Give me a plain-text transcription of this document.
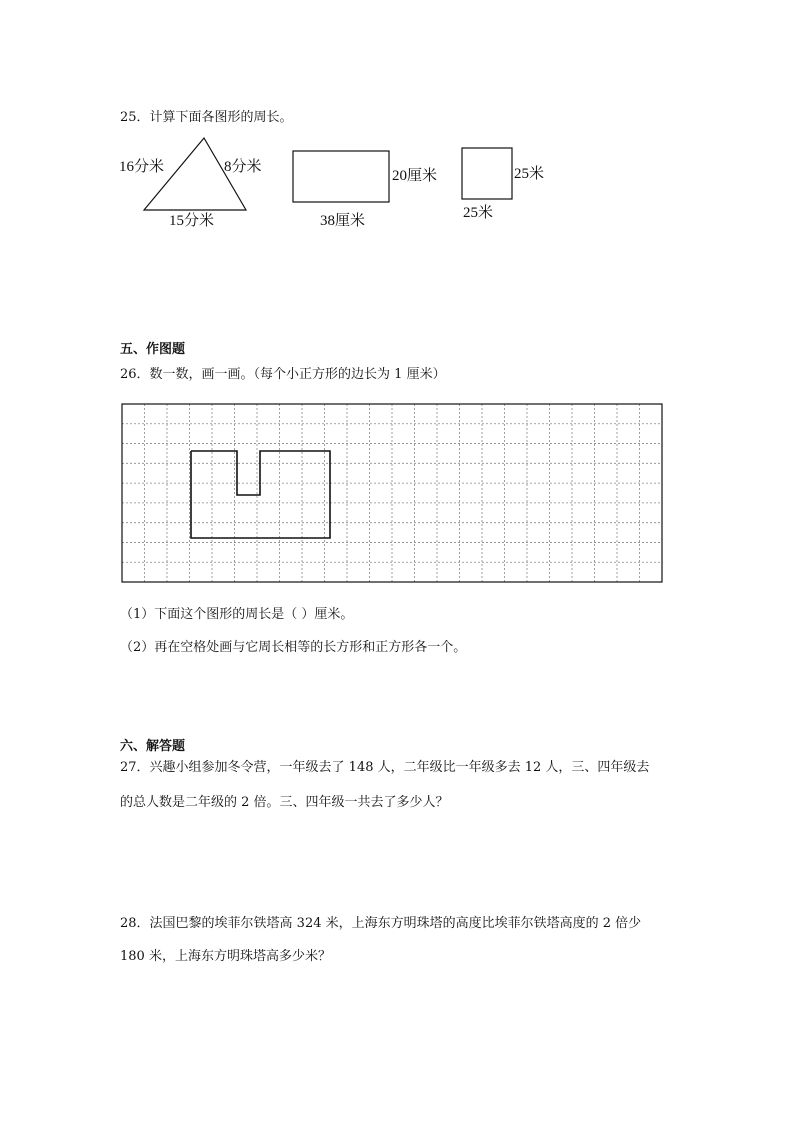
25．计算下面各图形的周长。
16分米	8分米
15分米
20厘米
38厘米
25米
25米
五、作图题
26．数一数，画一画。（每个小正方形的边长为 1 厘米）
（1）下面这个图形的周长是（ ）厘米。
（2）再在空格处画与它周长相等的长方形和正方形各一个。
六、解答题
27．兴趣小组参加冬令营，一年级去了 148 人，二年级比一年级多去 12 人，三、四年级去
的总人数是二年级的 2 倍。三、四年级一共去了多少人？
28．法国巴黎的埃菲尔铁塔高 324 米，上海东方明珠塔的高度比埃菲尔铁塔高度的 2 倍少
180 米，上海东方明珠塔高多少米？
